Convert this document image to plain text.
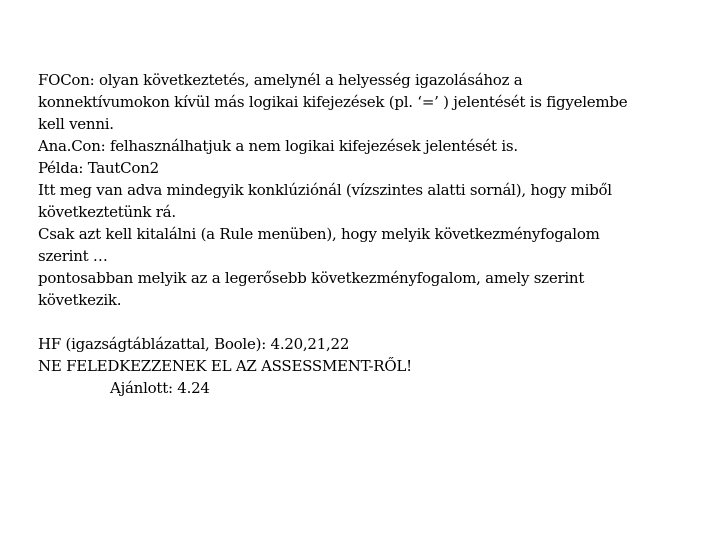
FOCon: olyan következtetés, amelynél a helyesség igazolásához a
konnektívumokon kívül más logikai kifejezések (pl. ‘=’ ) jelentését is figyelembe
kell venni.
Ana.Con: felhasználhatjuk a nem logikai kifejezések jelentését is.
Példa: TautCon2
Itt meg van adva mindegyik konklúziónál (vízszintes alatti sornál), hogy miből
következtetünk rá.
Csak azt kell kitalálni (a Rule menüben), hogy melyik következményfogalom
szerint …
pontosabban melyik az a legerősebb következményfogalom, amely szerint
következik.
HF (igazságtáblázattal, Boole): 4.20,21,22
NE FELEDKEZZENEK EL AZ ASSESSMENT-RŐL!
Ajánlott: 4.24
